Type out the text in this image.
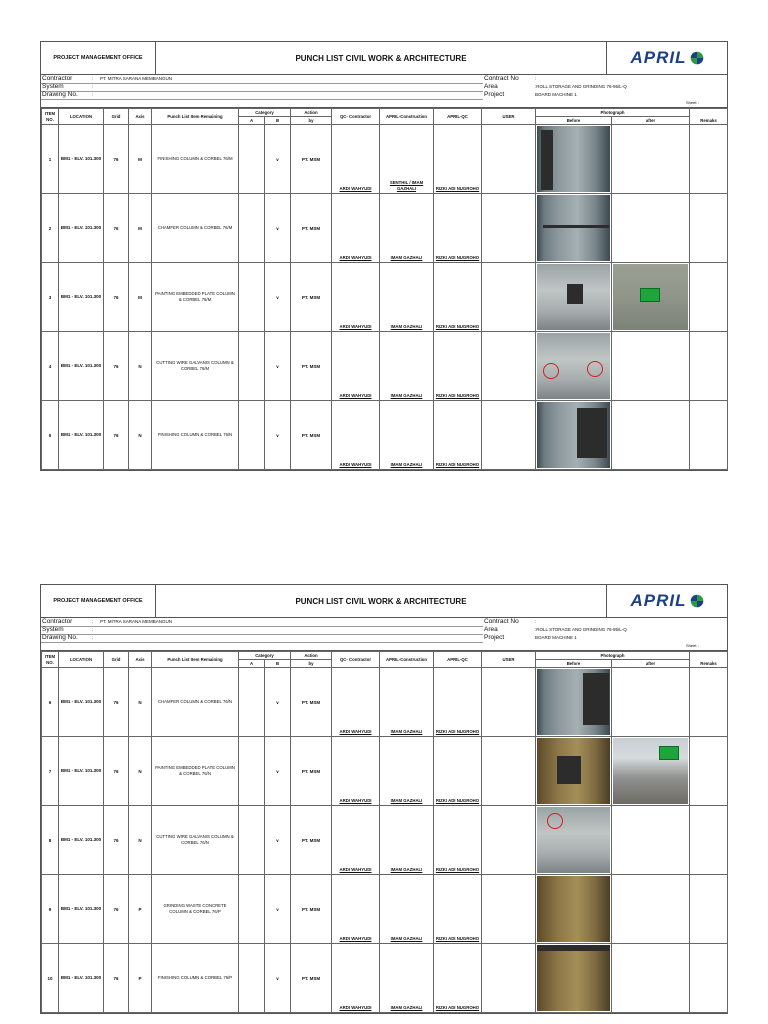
PROJECT MANAGEMENT OFFICE	PUNCH LIST CIVIL WORK & ARCHITECTURE	APRIL
Contractor	: PT. MITRA SARANA MEMBANGUN
System	:
Drawing No.	:
Contract No	:
Area	:ROLL STORAGE AND GRINDING 76-95/L-Q
Project	BOARD MACHINE 1
Sheet :
ITEM NO.	LOCATION	Grid	Axis	Punch List Item Remaining	Category		Action	QC- Contractor	APRIL-Construction	APRIL-QC	USER	Photograph		Remaks
					A	B	by					Before	after	
1	BM1 - ELV. 101.300	76	M	FINISHING COLUMN & CORBEL 76/M		v	PT. MSM	ARDI WAHYUDI	SENTHIL / IMAM GAZHALI	RIZKI ADI NUGROHO				

2	BM1 - ELV. 101.300	76	M	CHAMFER COLUMN & CORBEL 76/M		v	PT. MSM	ARDI WAHYUDI	IMAM GAZHALI	RIZKI ADI NUGROHO				

3	BM1 - ELV. 101.300	76	M	PAINTING EMBEDDED PLATE COLUMN & CORBEL 76/M		v	PT. MSM	ARDI WAHYUDI	IMAM GAZHALI	RIZKI ADI NUGROHO				

4	BM1 - ELV. 101.300	76	N	CUTTING WIRE GALVANIS COLUMN & CORBEL 76/M		v	PT. MSM	ARDI WAHYUDI	IMAM GAZHALI	RIZKI ADI NUGROHO				

5	BM1 - ELV. 101.300	76	N	FINISHING COLUMN & CORBEL 76/N		v	PT. MSM	ARDI WAHYUDI	IMAM GAZHALI	RIZKI ADI NUGROHO				

PROJECT MANAGEMENT OFFICE	PUNCH LIST CIVIL WORK & ARCHITECTURE	APRIL
Contractor	: PT. MITRA SARANA MEMBANGUN
System	:
Drawing No.	:
Contract No	:
Area	:ROLL STORAGE AND GRINDING 76-95/L-Q
Project	BOARD MACHINE 1
Sheet :
ITEM NO.	LOCATION	Grid	Axis	Punch List Item Remaining	Category		Action	QC- Contractor	APRIL-Construction	APRIL-QC	USER	Photograph		Remaks
					A	B	by					Before	after	
6	BM1 - ELV. 101.300	76	N	CHAMFER COLUMN & CORBEL 76/N		v	PT. MSM	ARDI WAHYUDI	IMAM GAZHALI	RIZKI ADI NUGROHO				

7	BM1 - ELV. 101.300	76	N	PAINTING EMBEDDED PLATE COLUMN & CORBEL 76/N		v	PT. MSM	ARDI WAHYUDI	IMAM GAZHALI	RIZKI ADI NUGROHO				

8	BM1 - ELV. 101.300	76	N	CUTTING WIRE GALVANIS COLUMN & CORBEL 76/N		v	PT. MSM	ARDI WAHYUDI	IMAM GAZHALI	RIZKI ADI NUGROHO				

9	BM1 - ELV. 101.300	76	P	GRINDING WASTE CONCRETE COLUMN & CORBEL 76/P		v	PT. MSM	ARDI WAHYUDI	IMAM GAZHALI	RIZKI ADI NUGROHO				

10	BM1 - ELV. 101.300	76	P	FINISHING COLUMN & CORBEL 76/P		v	PT. MSM	ARDI WAHYUDI	IMAM GAZHALI	RIZKI ADI NUGROHO				
